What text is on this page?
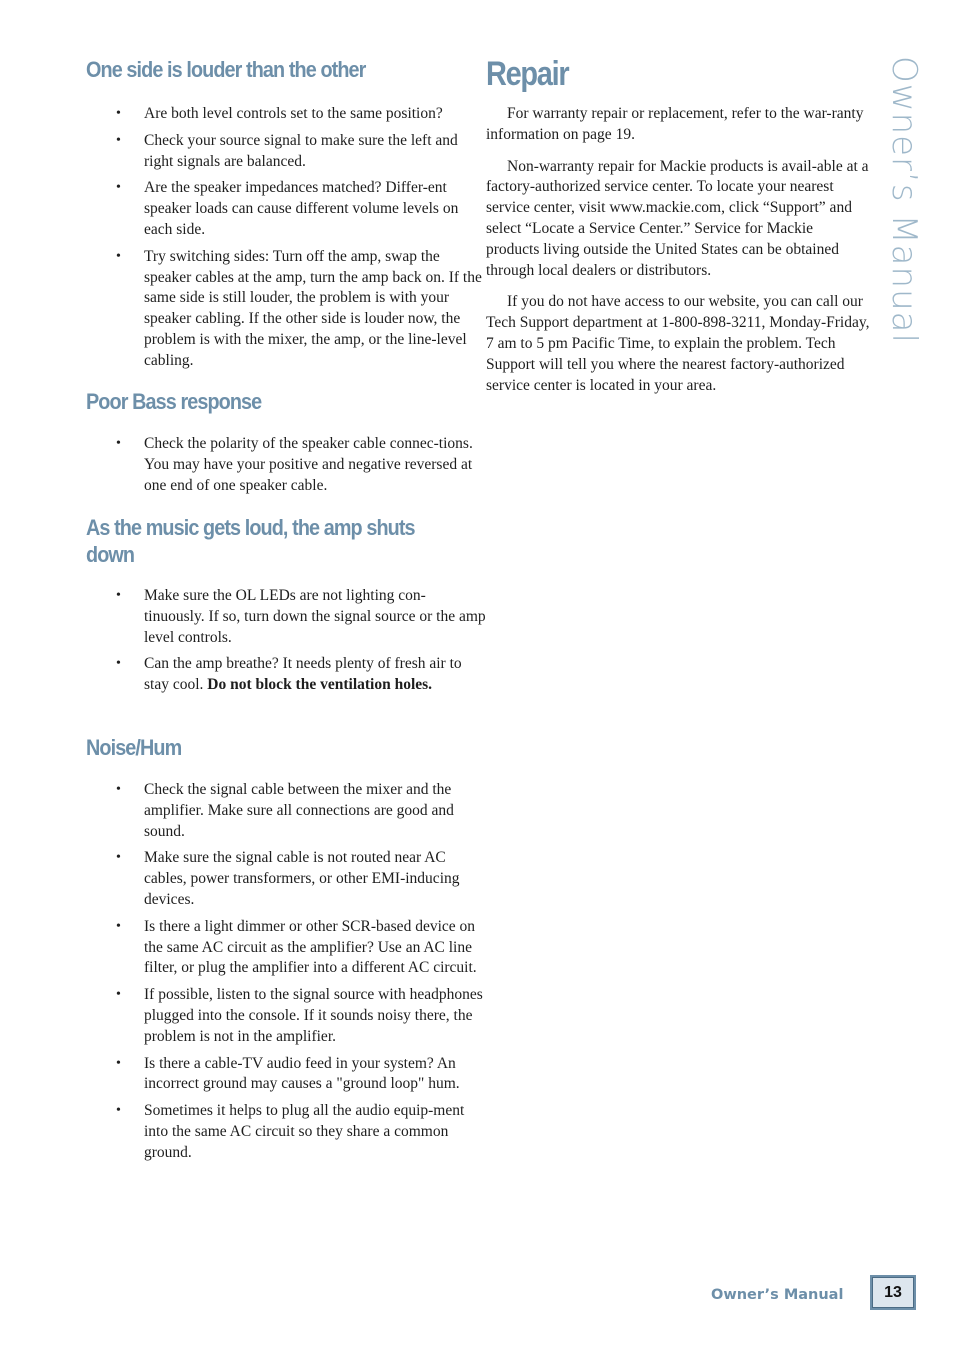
One side is louder than the other
• Are both level controls set to the same position?
• Check your source signal to make sure the left and right signals are balanced.
• Are the speaker impedances matched? Differ-ent speaker loads can cause different volume levels on each side.
• Try switching sides: Turn off the amp, swap the speaker cables at the amp, turn the amp back on. If the same side is still louder, the problem is with your speaker cabling. If the other side is louder now, the problem is with the mixer, the amp, or the line-level cabling.
Poor Bass response
• Check the polarity of the speaker cable connec-tions. You may have your positive and negative reversed at one end of one speaker cable.
As the music gets loud, the amp shuts down
• Make sure the OL LEDs are not lighting con-tinuously. If so, turn down the signal source or the amp level controls.
• Can the amp breathe? It needs plenty of fresh air to stay cool. Do not block the ventilation holes.
Noise/Hum
• Check the signal cable between the mixer and the amplifier. Make sure all connections are good and sound.
• Make sure the signal cable is not routed near AC cables, power transformers, or other EMI-inducing devices.
• Is there a light dimmer or other SCR-based device on the same AC circuit as the amplifier? Use an AC line filter, or plug the amplifier into a different AC circuit.
• If possible, listen to the signal source with headphones plugged into the console. If it sounds noisy there, the problem is not in the amplifier.
• Is there a cable-TV audio feed in your system? An incorrect ground may causes a "ground loop" hum.
• Sometimes it helps to plug all the audio equip-ment into the same AC circuit so they share a common ground.
Repair

For warranty repair or replacement, refer to the war-ranty information on page 19.

Non-warranty repair for Mackie products is avail-able at a factory-authorized service center. To locate your nearest service center, visit www.mackie.com, click “Support” and select “Locate a Service Center.” Service for Mackie products living outside the United States can be obtained through local dealers or distributors.

If you do not have access to our website, you can call our Tech Support department at 1-800-898-3211, Monday-Friday, 7 am to 5 pm Pacific Time, to explain the problem. Tech Support will tell you where the nearest factory-authorized service center is located in your area.

Owner’s Manual
Owner’s Manual	13
